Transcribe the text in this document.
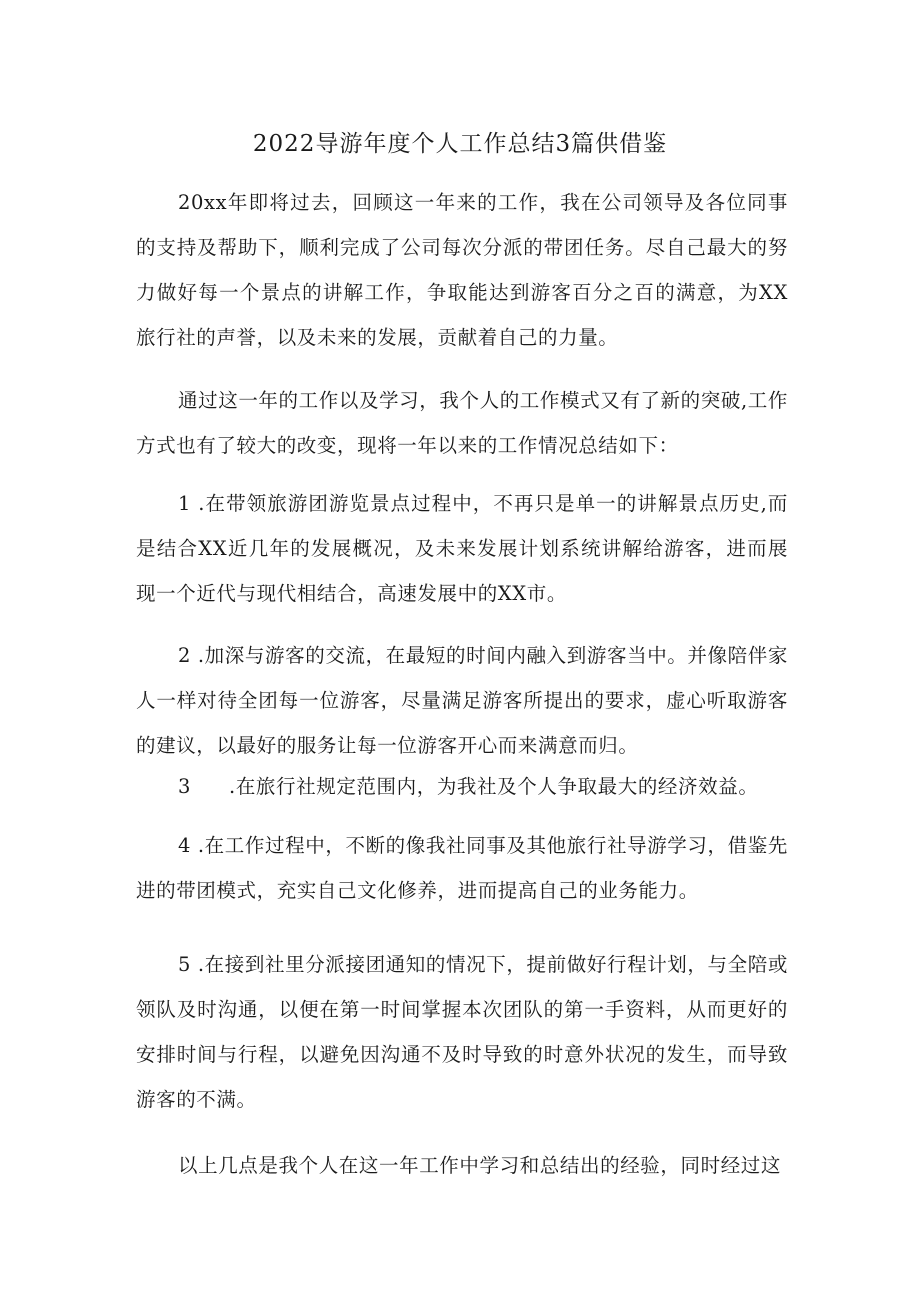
2022导游年度个人工作总结3篇供借鉴

20xx年即将过去，回顾这一年来的工作，我在公司领导及各位同事的支持及帮助下，顺利完成了公司每次分派的带团任务。尽自己最大的努力做好每一个景点的讲解工作，争取能达到游客百分之百的满意，为XX旅行社的声誉，以及未来的发展，贡献着自己的力量。

通过这一年的工作以及学习，我个人的工作模式又有了新的突破,工作方式也有了较大的改变，现将一年以来的工作情况总结如下：

1 .在带领旅游团游览景点过程中，不再只是单一的讲解景点历史,而是结合XX近几年的发展概况，及未来发展计划系统讲解给游客，进而展现一个近代与现代相结合，高速发展中的XX市。

2 .加深与游客的交流，在最短的时间内融入到游客当中。并像陪伴家人一样对待全团每一位游客，尽量满足游客所提出的要求，虚心听取游客的建议，以最好的服务让每一位游客开心而来满意而归。

3 .在旅行社规定范围内，为我社及个人争取最大的经济效益。

4 .在工作过程中，不断的像我社同事及其他旅行社导游学习，借鉴先进的带团模式，充实自己文化修养，进而提高自己的业务能力。

5 .在接到社里分派接团通知的情况下，提前做好行程计划，与全陪或领队及时沟通，以便在第一时间掌握本次团队的第一手资料，从而更好的安排时间与行程，以避免因沟通不及时导致的时意外状况的发生，而导致游客的不满。

以上几点是我个人在这一年工作中学习和总结出的经验，同时经过这
